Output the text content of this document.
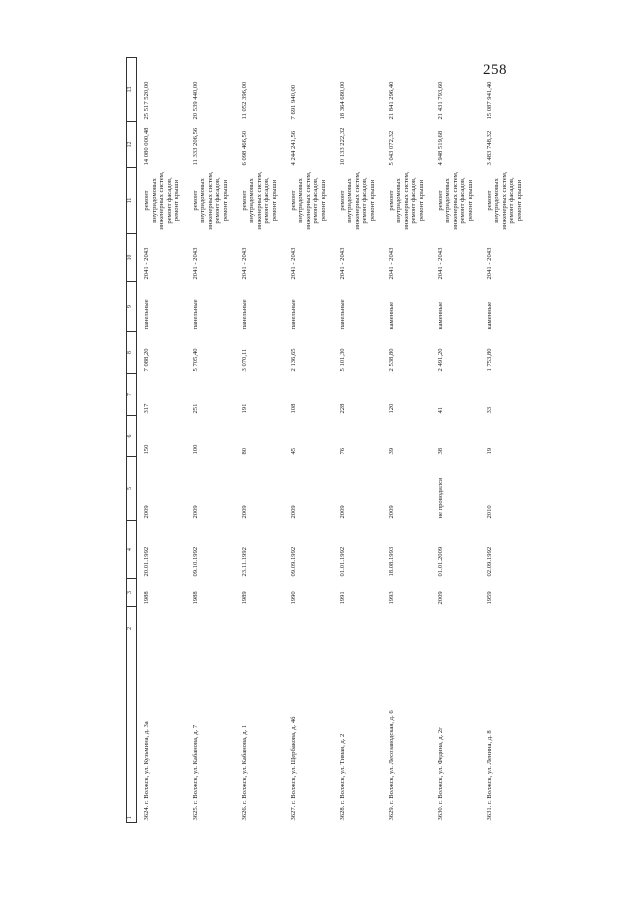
258
1
2	3	4	5	6	7	8	9	10	11	12	13
3624. г. Волжск, ул. Кузьмина, д. 3а	1988	20.01.1992	2009	150	317	7 088,20	панельные	2041 - 2043	ремонт внутридомовых инженерных систем, ремонт фасадов, ремонт крыши	14 080 000,48	25 517 520,00
3625. г. Волжск, ул. Кабанова, д. 7	1988	09.10.1992	2009	100	251	5 705,40	панельные	2041 - 2043	ремонт внутридомовых инженерных систем, ремонт фасадов, ремонт крыши	11 333 206,56	20 539 440,00
3626. г. Волжск, ул. Кабанова, д. 1	1989	23.11.1992	2009	80	191	3 070,11	панельные	2041 - 2043	ремонт внутридомовых инженерных систем, ремонт фасадов, ремонт крыши	6 098 466,50	11 052 396,00
3627. г. Волжск, ул. Щербакова, д. 4б	1990	09.09.1992	2009	45	108	2 136,65	панельные	2041 - 2043	ремонт внутридомовых инженерных систем, ремонт фасадов, ремонт крыши	4 244 241,56	7 691 940,00
3628. г. Волжск, ул. Тимая, д. 2	1991	01.01.1992	2009	76	228	5 101,30	панельные	2041 - 2043	ремонт внутридомовых инженерных систем, ремонт фасадов, ремонт крыши	10 133 222,32	18 364 680,00
3629. г. Волжск, ул. Лесозаводская, д. 6	1993	18.08.1993	2009	39	120	2 538,80	каменные	2041 - 2043	ремонт внутридомовых инженерных систем, ремонт фасадов, ремонт крыши	5 043 072,32	21 841 296,40
3630. г. Волжск, ул. Федина, д. 2г	2009	01.01.2009	не проводился	38	41	2 491,20	каменные	2041 - 2043	ремонт внутридомовых инженерных систем, ремонт фасадов, ремонт крыши	4 948 519,68	21 431 793,60
3631. г. Волжск, ул. Ленина, д. 8	1959	02.09.1992	2010	19	33	1 753,80	каменные	2041 - 2043	ремонт внутридомовых инженерных систем, ремонт фасадов, ремонт крыши	3 483 748,32	15 087 941,40
